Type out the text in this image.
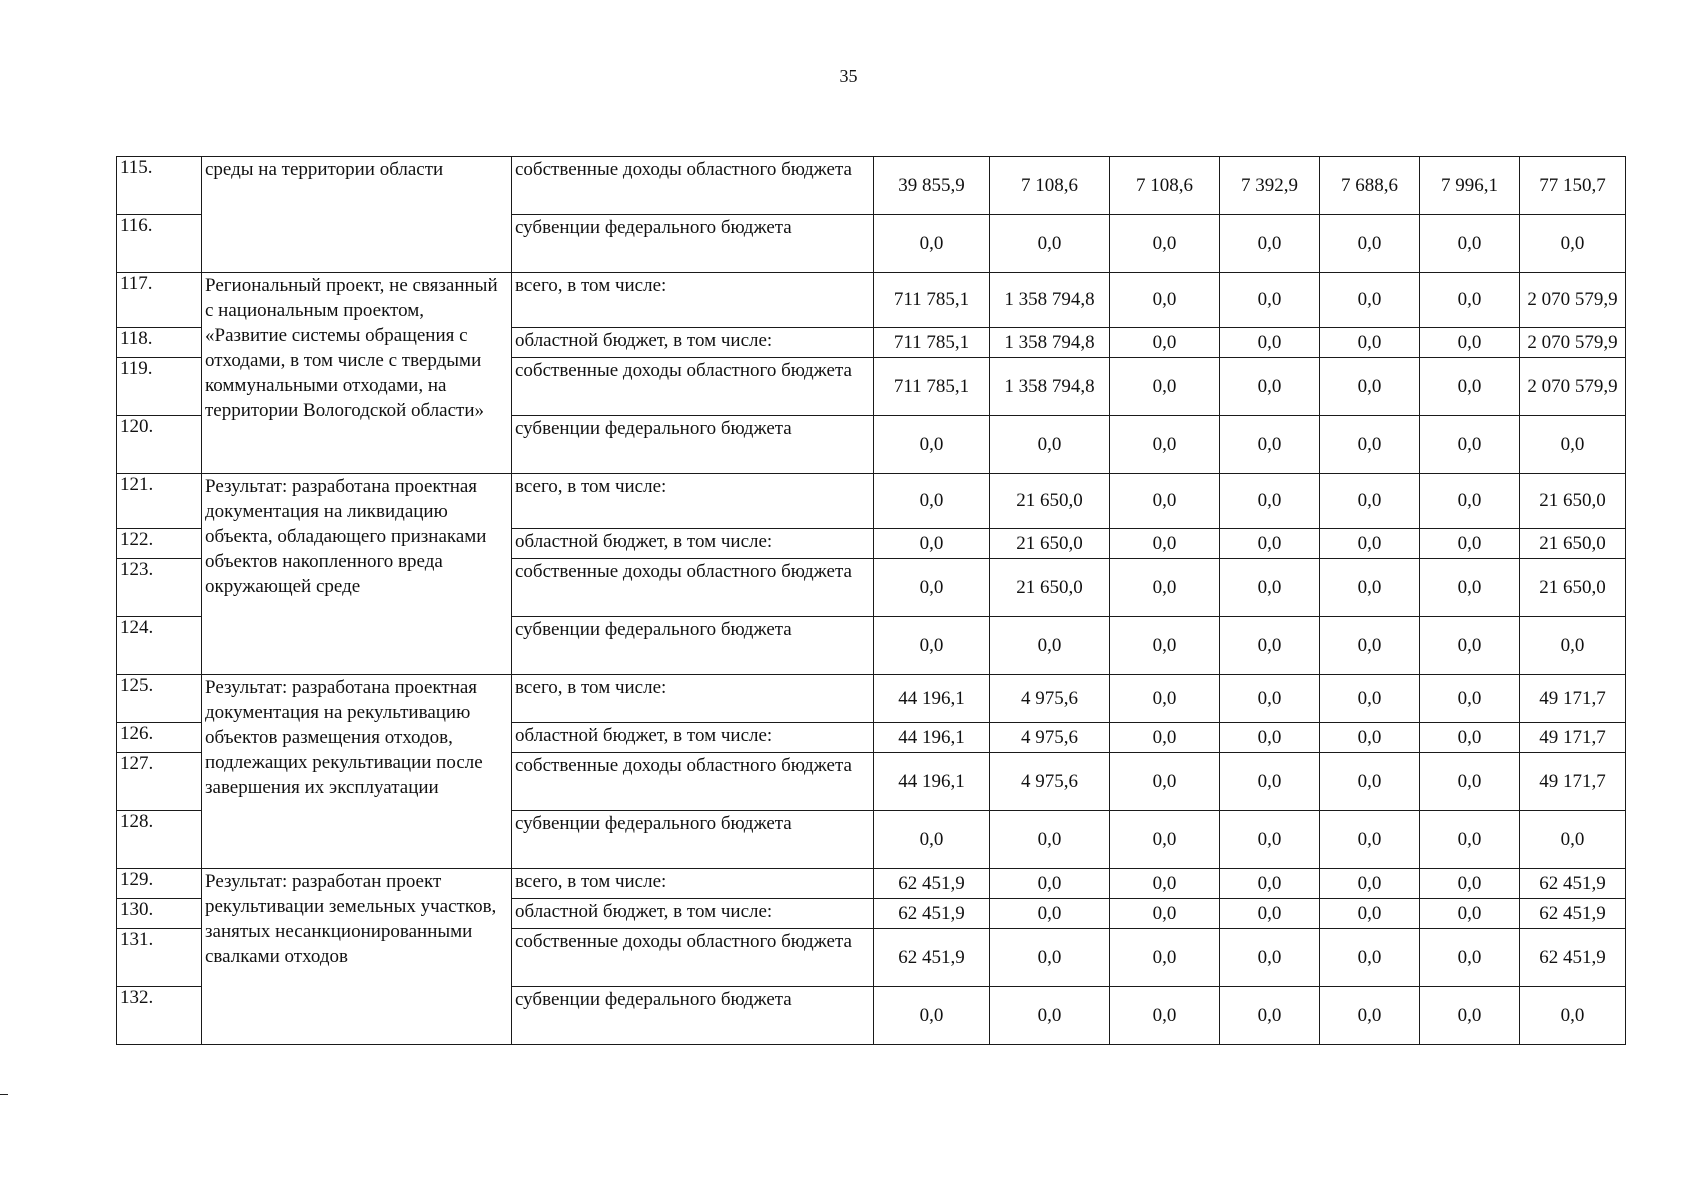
35
115.	среды на территории области	собственные доходы областного бюджета	39 855,9	7 108,6	7 108,6	7 392,9	7 688,6	7 996,1	77 150,7
116.		субвенции федерального бюджета	0,0	0,0	0,0	0,0	0,0	0,0	0,0
117.	Региональный проект, не связанный с национальным проектом, «Развитие системы обращения с отходами, в том числе с твердыми коммунальными отходами, на территории Вологодской области»	всего, в том числе:	711 785,1	1 358 794,8	0,0	0,0	0,0	0,0	2 070 579,9
118.		областной бюджет, в том числе:	711 785,1	1 358 794,8	0,0	0,0	0,0	0,0	2 070 579,9
119.		собственные доходы областного бюджета	711 785,1	1 358 794,8	0,0	0,0	0,0	0,0	2 070 579,9
120.		субвенции федерального бюджета	0,0	0,0	0,0	0,0	0,0	0,0	0,0
121.	Результат: разработана проектная документация на ликвидацию объекта, обладающего признаками объектов накопленного вреда окружающей среде	всего, в том числе:	0,0	21 650,0	0,0	0,0	0,0	0,0	21 650,0
122.		областной бюджет, в том числе:	0,0	21 650,0	0,0	0,0	0,0	0,0	21 650,0
123.		собственные доходы областного бюджета	0,0	21 650,0	0,0	0,0	0,0	0,0	21 650,0
124.		субвенции федерального бюджета	0,0	0,0	0,0	0,0	0,0	0,0	0,0
125.	Результат: разработана проектная документация на рекультивацию объектов размещения отходов, подлежащих рекультивации после завершения их эксплуатации	всего, в том числе:	44 196,1	4 975,6	0,0	0,0	0,0	0,0	49 171,7
126.		областной бюджет, в том числе:	44 196,1	4 975,6	0,0	0,0	0,0	0,0	49 171,7
127.		собственные доходы областного бюджета	44 196,1	4 975,6	0,0	0,0	0,0	0,0	49 171,7
128.		субвенции федерального бюджета	0,0	0,0	0,0	0,0	0,0	0,0	0,0
129.	Результат: разработан проект рекультивации земельных участков, занятых несанкционированными свалками отходов	всего, в том числе:	62 451,9	0,0	0,0	0,0	0,0	0,0	62 451,9
130.		областной бюджет, в том числе:	62 451,9	0,0	0,0	0,0	0,0	0,0	62 451,9
131.		собственные доходы областного бюджета	62 451,9	0,0	0,0	0,0	0,0	0,0	62 451,9
132.		субвенции федерального бюджета	0,0	0,0	0,0	0,0	0,0	0,0	0,0
